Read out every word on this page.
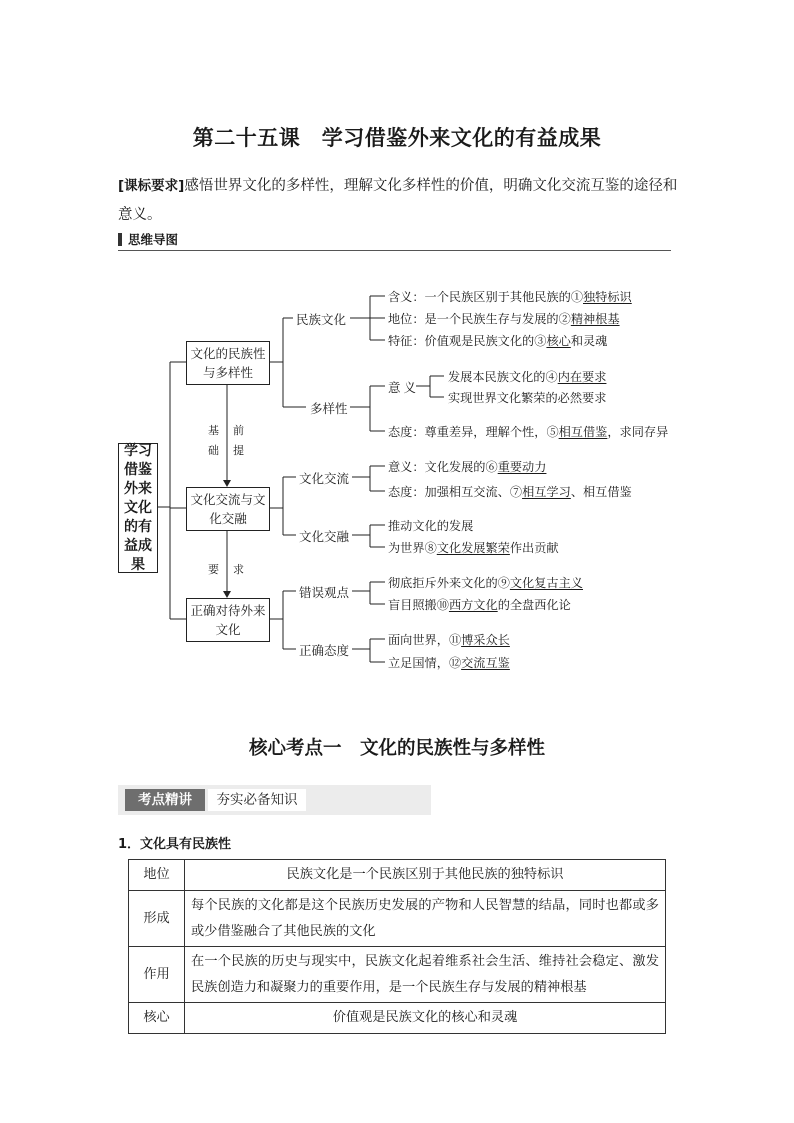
第二十五课　学习借鉴外来文化的有益成果
[课标要求]感悟世界文化的多样性，理解文化多样性的价值，明确文化交流互鉴的途径和意义。
思维导图
基础
前提
要求
学习借鉴外来文化的有益成果
文化的民族性与多样性
文化交流与文化交融
正确对待外来文化
民族文化
多样性
文化交流
文化交融
错误观点
正确态度
意义
含义：一个民族区别于其他民族的①独特标识
地位：是一个民族生存与发展的②精神根基
特征：价值观是民族文化的③核心和灵魂
发展本民族文化的④内在要求
实现世界文化繁荣的必然要求
态度：尊重差异，理解个性，⑤相互借鉴，求同存异
意义：文化发展的⑥重要动力
态度：加强相互交流、⑦相互学习、相互借鉴
推动文化的发展
为世界⑧文化发展繁荣作出贡献
彻底拒斥外来文化的⑨文化复古主义
盲目照搬⑩西方文化的全盘西化论
面向世界，⑪博采众长
立足国情，⑫交流互鉴
核心考点一　文化的民族性与多样性
考点精讲	夯实必备知识
1．文化具有民族性
地位	民族文化是一个民族区别于其他民族的独特标识
形成	每个民族的文化都是这个民族历史发展的产物和人民智慧的结晶，同时也都或多或少借鉴融合了其他民族的文化
作用	在一个民族的历史与现实中，民族文化起着维系社会生活、维持社会稳定、激发民族创造力和凝聚力的重要作用，是一个民族生存与发展的精神根基
核心	价值观是民族文化的核心和灵魂
